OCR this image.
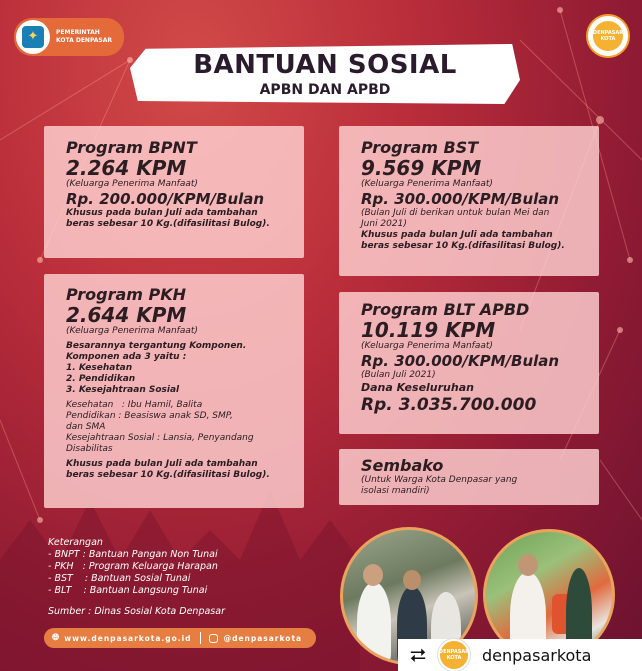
✦	PEMERINTAH
KOTA DENPASAR
DENPASAR KOTA
BANTUAN SOSIAL
APBN DAN APBD
Program BPNT
2.264 KPM
(Keluarga Penerima Manfaat)
Rp. 200.000/KPM/Bulan
Khusus pada bulan Juli ada tambahan
beras sebesar 10 Kg.(difasilitasi Bulog).
Program BST
9.569 KPM
(Keluarga Penerima Manfaat)
Rp. 300.000/KPM/Bulan
(Bulan Juli di berikan untuk bulan Mei dan
Juni 2021)
Khusus pada bulan Juli ada tambahan
beras sebesar 10 Kg.(difasilitasi Bulog).
Program PKH
2.644 KPM
(Keluarga Penerima Manfaat)
Besarannya tergantung Komponen.
Komponen ada 3 yaitu :
1. Kesehatan
2. Pendidikan
3. Kesejahtraan Sosial
Kesehatan   : Ibu Hamil, Balita
Pendidikan : Beasiswa anak SD, SMP,
dan SMA
Kesejahtraan Sosial : Lansia, Penyandang
Disabilitas
Khusus pada bulan Juli ada tambahan
beras sebesar 10 Kg.(difasilitasi Bulog).
Program BLT APBD
10.119 KPM
(Keluarga Penerima Manfaat)
Rp. 300.000/KPM/Bulan
(Bulan Juli 2021)
Dana Keseluruhan
Rp. 3.035.700.000
Sembako
(Untuk Warga Kota Denpasar yang
isolasi mandiri)
Keterangan
- BNPT : Bantuan Pangan Non Tunai
- PKH   : Program Keluarga Harapan
- BST    : Bantuan Sosial Tunai
- BLT    : Bantuan Langsung Tunai
Sumber : Dinas Sosial Kota Denpasar
🌐︎ www.denpasarkota.go.id	@denpasarkota
⮂	DENPASAR KOTA	denpasarkota
